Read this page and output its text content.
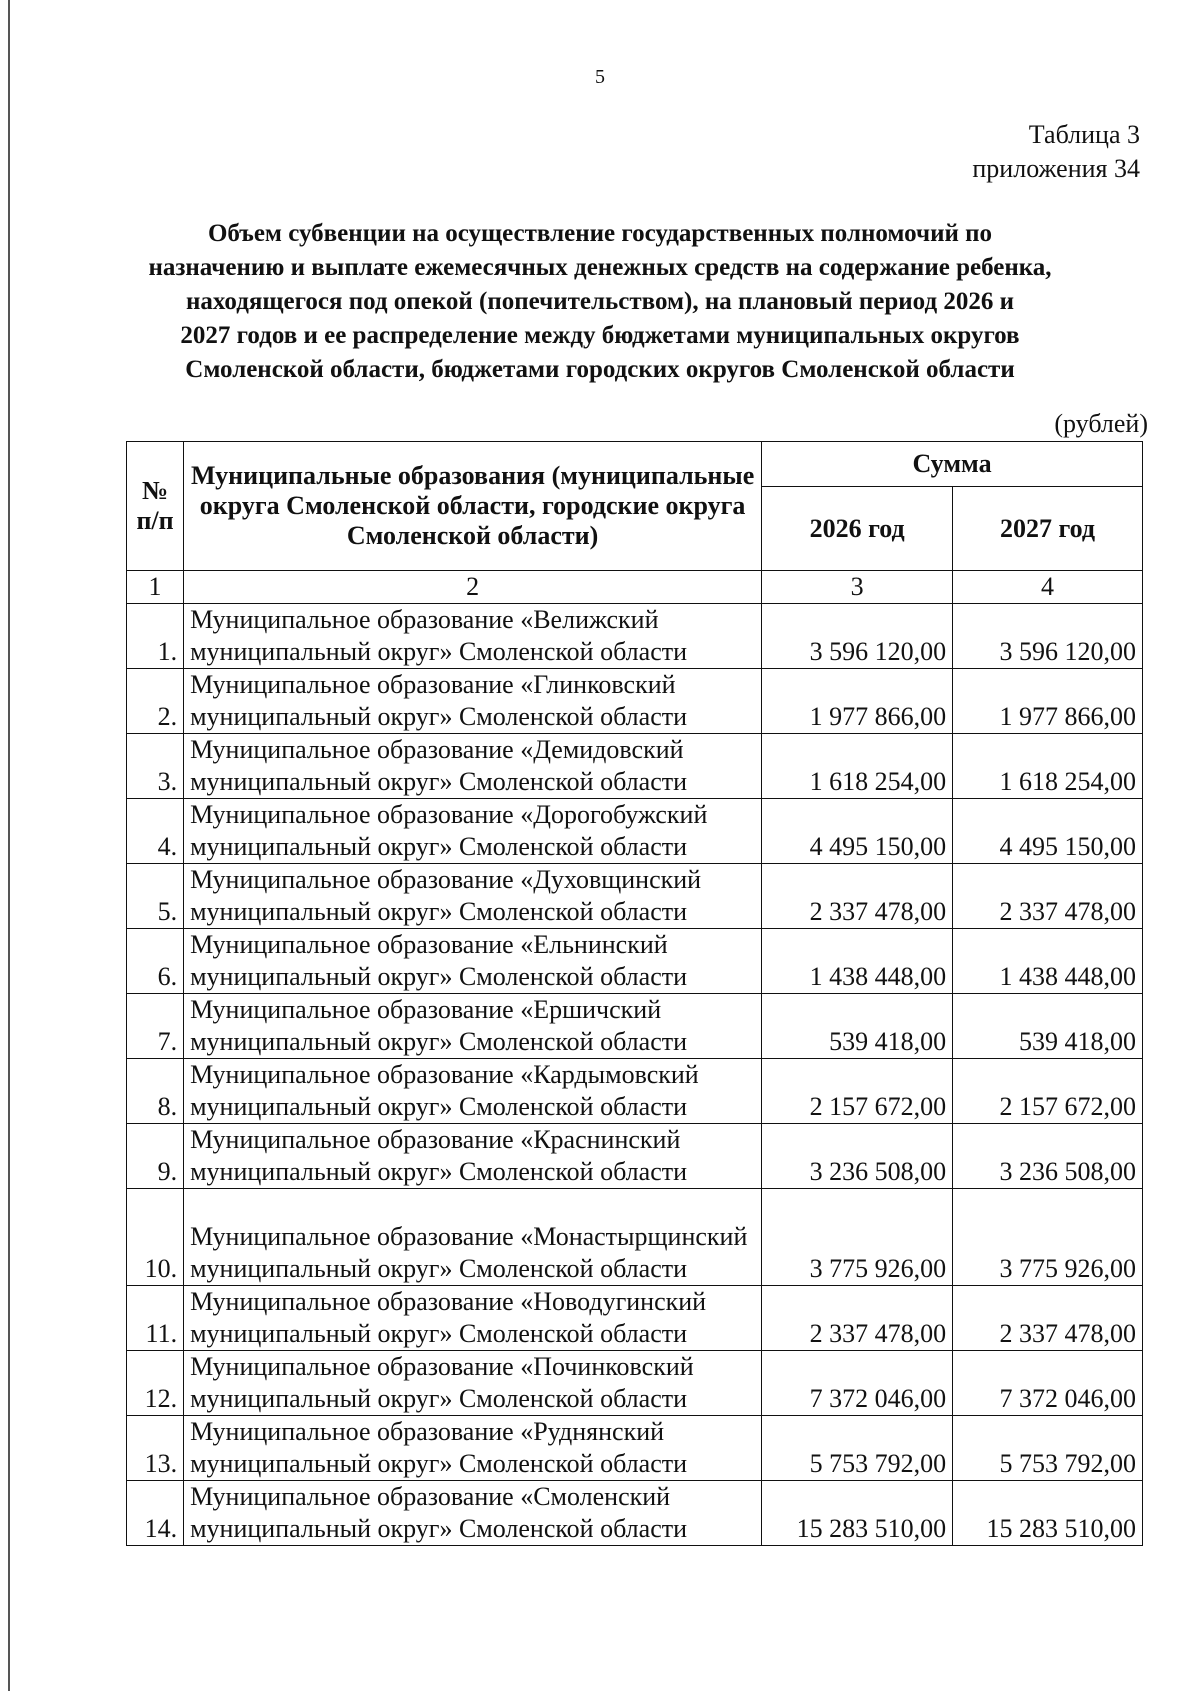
5
Таблица 3
приложения 34
Объем субвенции на осуществление государственных полномочий по
назначению и выплате ежемесячных денежных средств на содержание ребенка,
находящегося под опекой (попечительством), на плановый период 2026 и
2027 годов и ее распределение между бюджетами муниципальных округов
Смоленской области, бюджетами городских округов Смоленской области
(рублей)
№ п/п	Муниципальные образования (муниципальные округа Смоленской области, городские округа Смоленской области)	Сумма	
		2026 год	2027 год
1	2	3	4
1.	Муниципальное образование «Велижский муниципальный округ» Смоленской области	3 596 120,00	3 596 120,00
2.	Муниципальное образование «Глинковский муниципальный округ» Смоленской области	1 977 866,00	1 977 866,00
3.	Муниципальное образование «Демидовский муниципальный округ» Смоленской области	1 618 254,00	1 618 254,00
4.	Муниципальное образование «Дорогобужский муниципальный округ» Смоленской области	4 495 150,00	4 495 150,00
5.	Муниципальное образование «Духовщинский муниципальный округ» Смоленской области	2 337 478,00	2 337 478,00
6.	Муниципальное образование «Ельнинский муниципальный округ» Смоленской области	1 438 448,00	1 438 448,00
7.	Муниципальное образование «Ершичский муниципальный округ» Смоленской области	539 418,00	539 418,00
8.	Муниципальное образование «Кардымовский муниципальный округ» Смоленской области	2 157 672,00	2 157 672,00
9.	Муниципальное образование «Краснинский муниципальный округ» Смоленской области	3 236 508,00	3 236 508,00
10.	Муниципальное образование «Монастырщинский муниципальный округ» Смоленской области	3 775 926,00	3 775 926,00
11.	Муниципальное образование «Новодугинский муниципальный округ» Смоленской области	2 337 478,00	2 337 478,00
12.	Муниципальное образование «Починковский муниципальный округ» Смоленской области	7 372 046,00	7 372 046,00
13.	Муниципальное образование «Руднянский муниципальный округ» Смоленской области	5 753 792,00	5 753 792,00
14.	Муниципальное образование «Смоленский муниципальный округ» Смоленской области	15 283 510,00	15 283 510,00
